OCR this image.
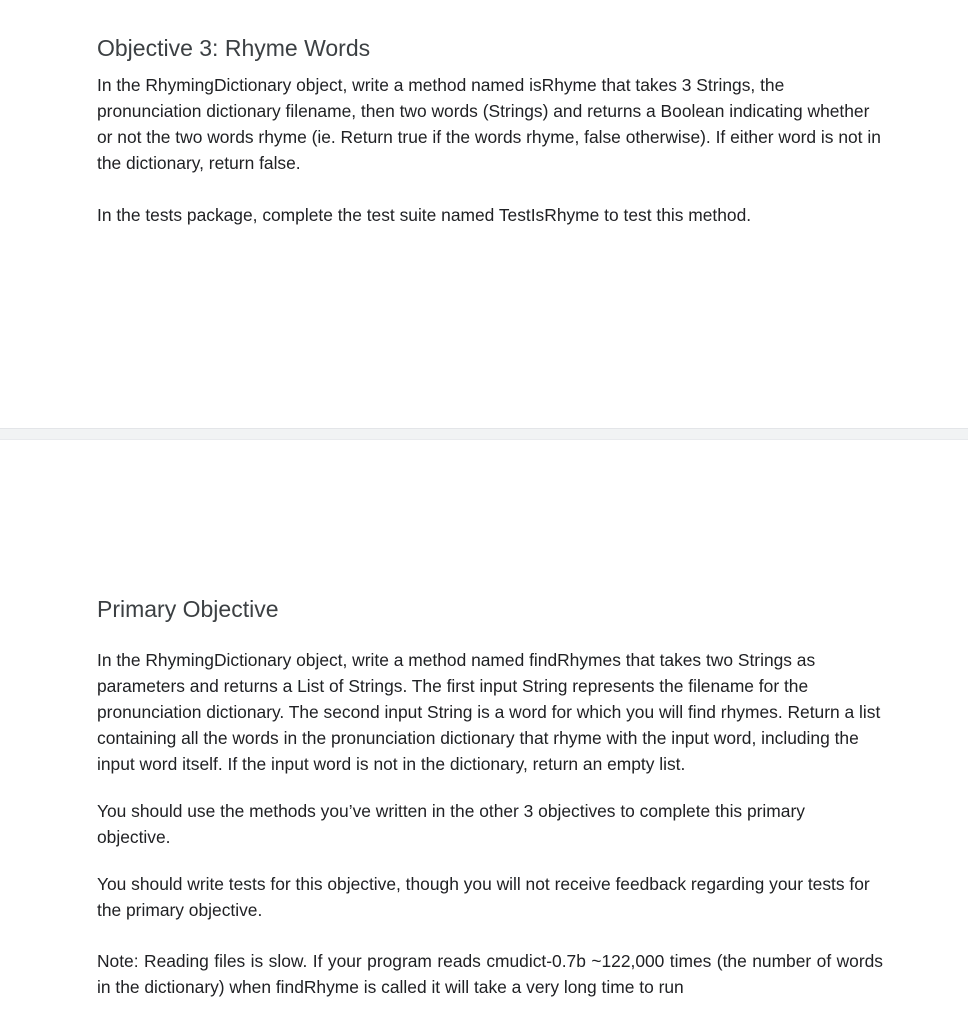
Objective 3: Rhyme Words

In the RhymingDictionary object, write a method named isRhyme that takes 3 Strings, the pronunciation dictionary filename, then two words (Strings) and returns a Boolean indicating whether or not the two words rhyme (ie. Return true if the words rhyme, false otherwise). If either word is not in the dictionary, return false.

In the tests package, complete the test suite named TestIsRhyme to test this method.

Primary Objective

In the RhymingDictionary object, write a method named findRhymes that takes two Strings as parameters and returns a List of Strings. The first input String represents the filename for the pronunciation dictionary. The second input String is a word for which you will find rhymes. Return a list containing all the words in the pronunciation dictionary that rhyme with the input word, including the input word itself. If the input word is not in the dictionary, return an empty list.

You should use the methods you’ve written in the other 3 objectives to complete this primary objective.

You should write tests for this objective, though you will not receive feedback regarding your tests for the primary objective.

Note: Reading files is slow. If your program reads cmudict-0.7b ~122,000 times (the number of words in the dictionary) when findRhyme is called it will take a very long time to run
